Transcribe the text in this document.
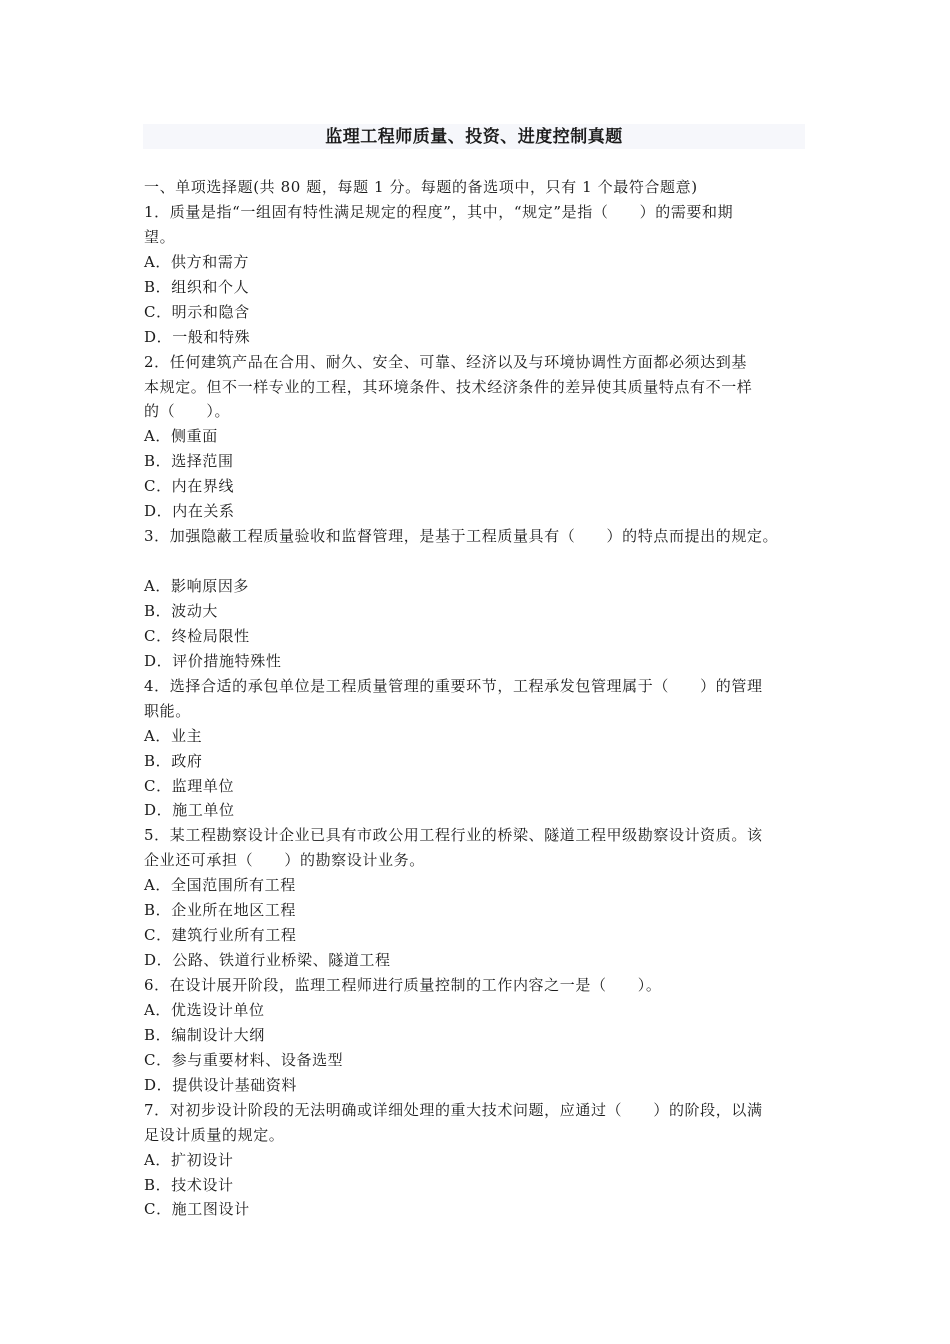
监理工程师质量、投资、进度控制真题
一、单项选择题(共 80 题，每题 1 分。每题的备选项中，只有 1 个最符合题意)
1．质量是指“一组固有特性满足规定的程度”，其中，“规定”是指（　　）的需要和期
望。
A．供方和需方
B．组织和个人
C．明示和隐含
D．一般和特殊
2．任何建筑产品在合用、耐久、安全、可靠、经济以及与环境协调性方面都必须达到基
本规定。但不一样专业的工程，其环境条件、技术经济条件的差异使其质量特点有不一样
的（　　）。
A．侧重面
B．选择范围
C．内在界线
D．内在关系
3．加强隐蔽工程质量验收和监督管理，是基于工程质量具有（　　）的特点而提出的规定。
A．影响原因多
B．波动大
C．终检局限性
D．评价措施特殊性
4．选择合适的承包单位是工程质量管理的重要环节，工程承发包管理属于（　　）的管理
职能。
A．业主
B．政府
C．监理单位
D．施工单位
5．某工程勘察设计企业已具有市政公用工程行业的桥梁、隧道工程甲级勘察设计资质。该
企业还可承担（　　）的勘察设计业务。
A．全国范围所有工程
B．企业所在地区工程
C．建筑行业所有工程
D．公路、铁道行业桥梁、隧道工程
6．在设计展开阶段，监理工程师进行质量控制的工作内容之一是（　　）。
A．优选设计单位
B．编制设计大纲
C．参与重要材料、设备选型
D．提供设计基础资料
7．对初步设计阶段的无法明确或详细处理的重大技术问题，应通过（　　）的阶段，以满
足设计质量的规定。
A．扩初设计
B．技术设计
C．施工图设计
